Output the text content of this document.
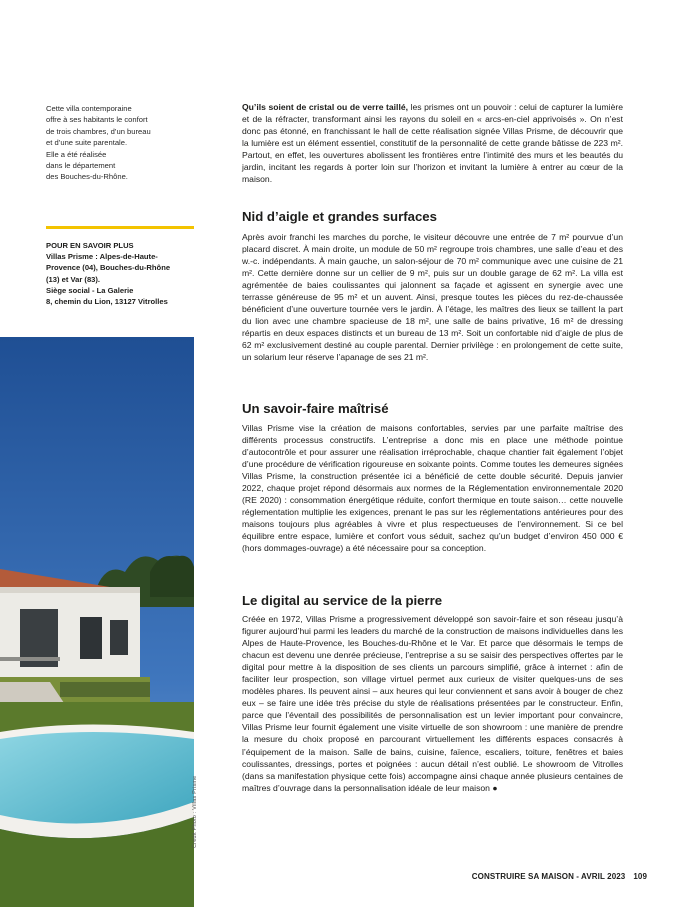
Cette villa contemporaine
offre à ses habitants le confort
de trois chambres, d’un bureau
et d’une suite parentale.
Elle a été réalisée
dans le département
des Bouches-du-Rhône.

POUR EN SAVOIR PLUS

Villas Prisme : Alpes-de-Haute-
Provence (04), Bouches-du-Rhône
(13) et Var (83).
Siège social - La Galerie
8, chemin du Lion, 13127 Vitrolles

Crédit Photo : Villas Prisme

Qu’ils soient de cristal ou de verre taillé, les prismes ont un pouvoir : celui de capturer la lumière et de la réfracter, transformant ainsi les rayons du soleil en « arcs-en-ciel apprivoisés ». On n’est donc pas étonné, en franchissant le hall de cette réalisation signée Villas Prisme, de découvrir que la lumière est un élément essentiel, constitutif de la personnalité de cette grande bâtisse de 223 m². Partout, en effet, les ouvertures abolissent les frontières entre l’intimité des murs et les beautés du jardin, incitant les regards à porter loin sur l’horizon et invitant la lumière à entrer au cœur de la maison.

Nid d’aigle et grandes surfaces

Après avoir franchi les marches du porche, le visiteur découvre une entrée de 7 m² pourvue d’un placard discret. À main droite, un module de 50 m² regroupe trois chambres, une salle d’eau et des w.-c. indépendants. À main gauche, un salon-séjour de 70 m² communique avec une cuisine de 21 m². Cette dernière donne sur un cellier de 9 m², puis sur un double garage de 62 m². La villa est agrémentée de baies coulissantes qui jalonnent sa façade et agissent en synergie avec une terrasse généreuse de 95 m² et un auvent. Ainsi, presque toutes les pièces du rez-de-chaussée bénéficient d’une ouverture tournée vers le jardin. À l’étage, les maîtres des lieux se taillent la part du lion avec une chambre spacieuse de 18 m², une salle de bains privative, 16 m² de dressing répartis en deux espaces distincts et un bureau de 13 m². Soit un confortable nid d’aigle de plus de 62 m² exclusivement destiné au couple parental. Dernier privilège : en prolongement de cette suite, un solarium leur réserve l’apanage de ses 21 m².

Un savoir-faire maîtrisé

Villas Prisme vise la création de maisons confortables, servies par une parfaite maîtrise des différents processus constructifs. L’entreprise a donc mis en place une méthode pointue d’autocontrôle et pour assurer une réalisation irréprochable, chaque chantier fait également l’objet d’une procédure de vérification rigoureuse en soixante points. Comme toutes les demeures signées Villas Prisme, la construction présentée ici a bénéficié de cette double sécurité. Depuis janvier 2022, chaque projet répond désormais aux normes de la Réglementation environnementale 2020 (RE 2020) : consommation énergétique réduite, confort thermique en toute saison… cette nouvelle réglementation multiplie les exigences, prenant le pas sur les réglementations antérieures pour des maisons toujours plus agréables à vivre et plus respectueuses de l’environnement. Si ce bel équilibre entre espace, lumière et confort vous séduit, sachez qu’un budget d’environ 450 000 € (hors dommages-ouvrage) a été nécessaire pour sa conception.

Le digital au service de la pierre

Créée en 1972, Villas Prisme a progressivement développé son savoir-faire et son réseau jusqu’à figurer aujourd’hui parmi les leaders du marché de la construction de maisons individuelles dans les Alpes de Haute-Provence, les Bouches-du-Rhône et le Var. Et parce que désormais le temps de chacun est devenu une denrée précieuse, l’entreprise a su se saisir des perspectives offertes par le digital pour mettre à la disposition de ses clients un parcours simplifié, grâce à internet : afin de faciliter leur prospection, son village virtuel permet aux curieux de visiter quelques-uns de ses modèles phares. Ils peuvent ainsi – aux heures qui leur conviennent et sans avoir à bouger de chez eux – se faire une idée très précise du style de réalisations présentées par le constructeur. Enfin, parce que l’éventail des possibilités de personnalisation est un levier important pour convaincre, Villas Prisme leur fournit également une visite virtuelle de son showroom : une manière de prendre la mesure du choix proposé en parcourant virtuellement les différents espaces consacrés à l’équipement de la maison. Salle de bains, cuisine, faïence, escaliers, toiture, fenêtres et baies coulissantes, dressings, portes et poignées : aucun détail n’est oublié. Le showroom de Vitrolles (dans sa manifestation physique cette fois) accompagne ainsi chaque année plusieurs centaines de maîtres d’ouvrage dans la personnalisation idéale de leur maison ●

CONSTRUIRE SA MAISON - AVRIL 2023 109
